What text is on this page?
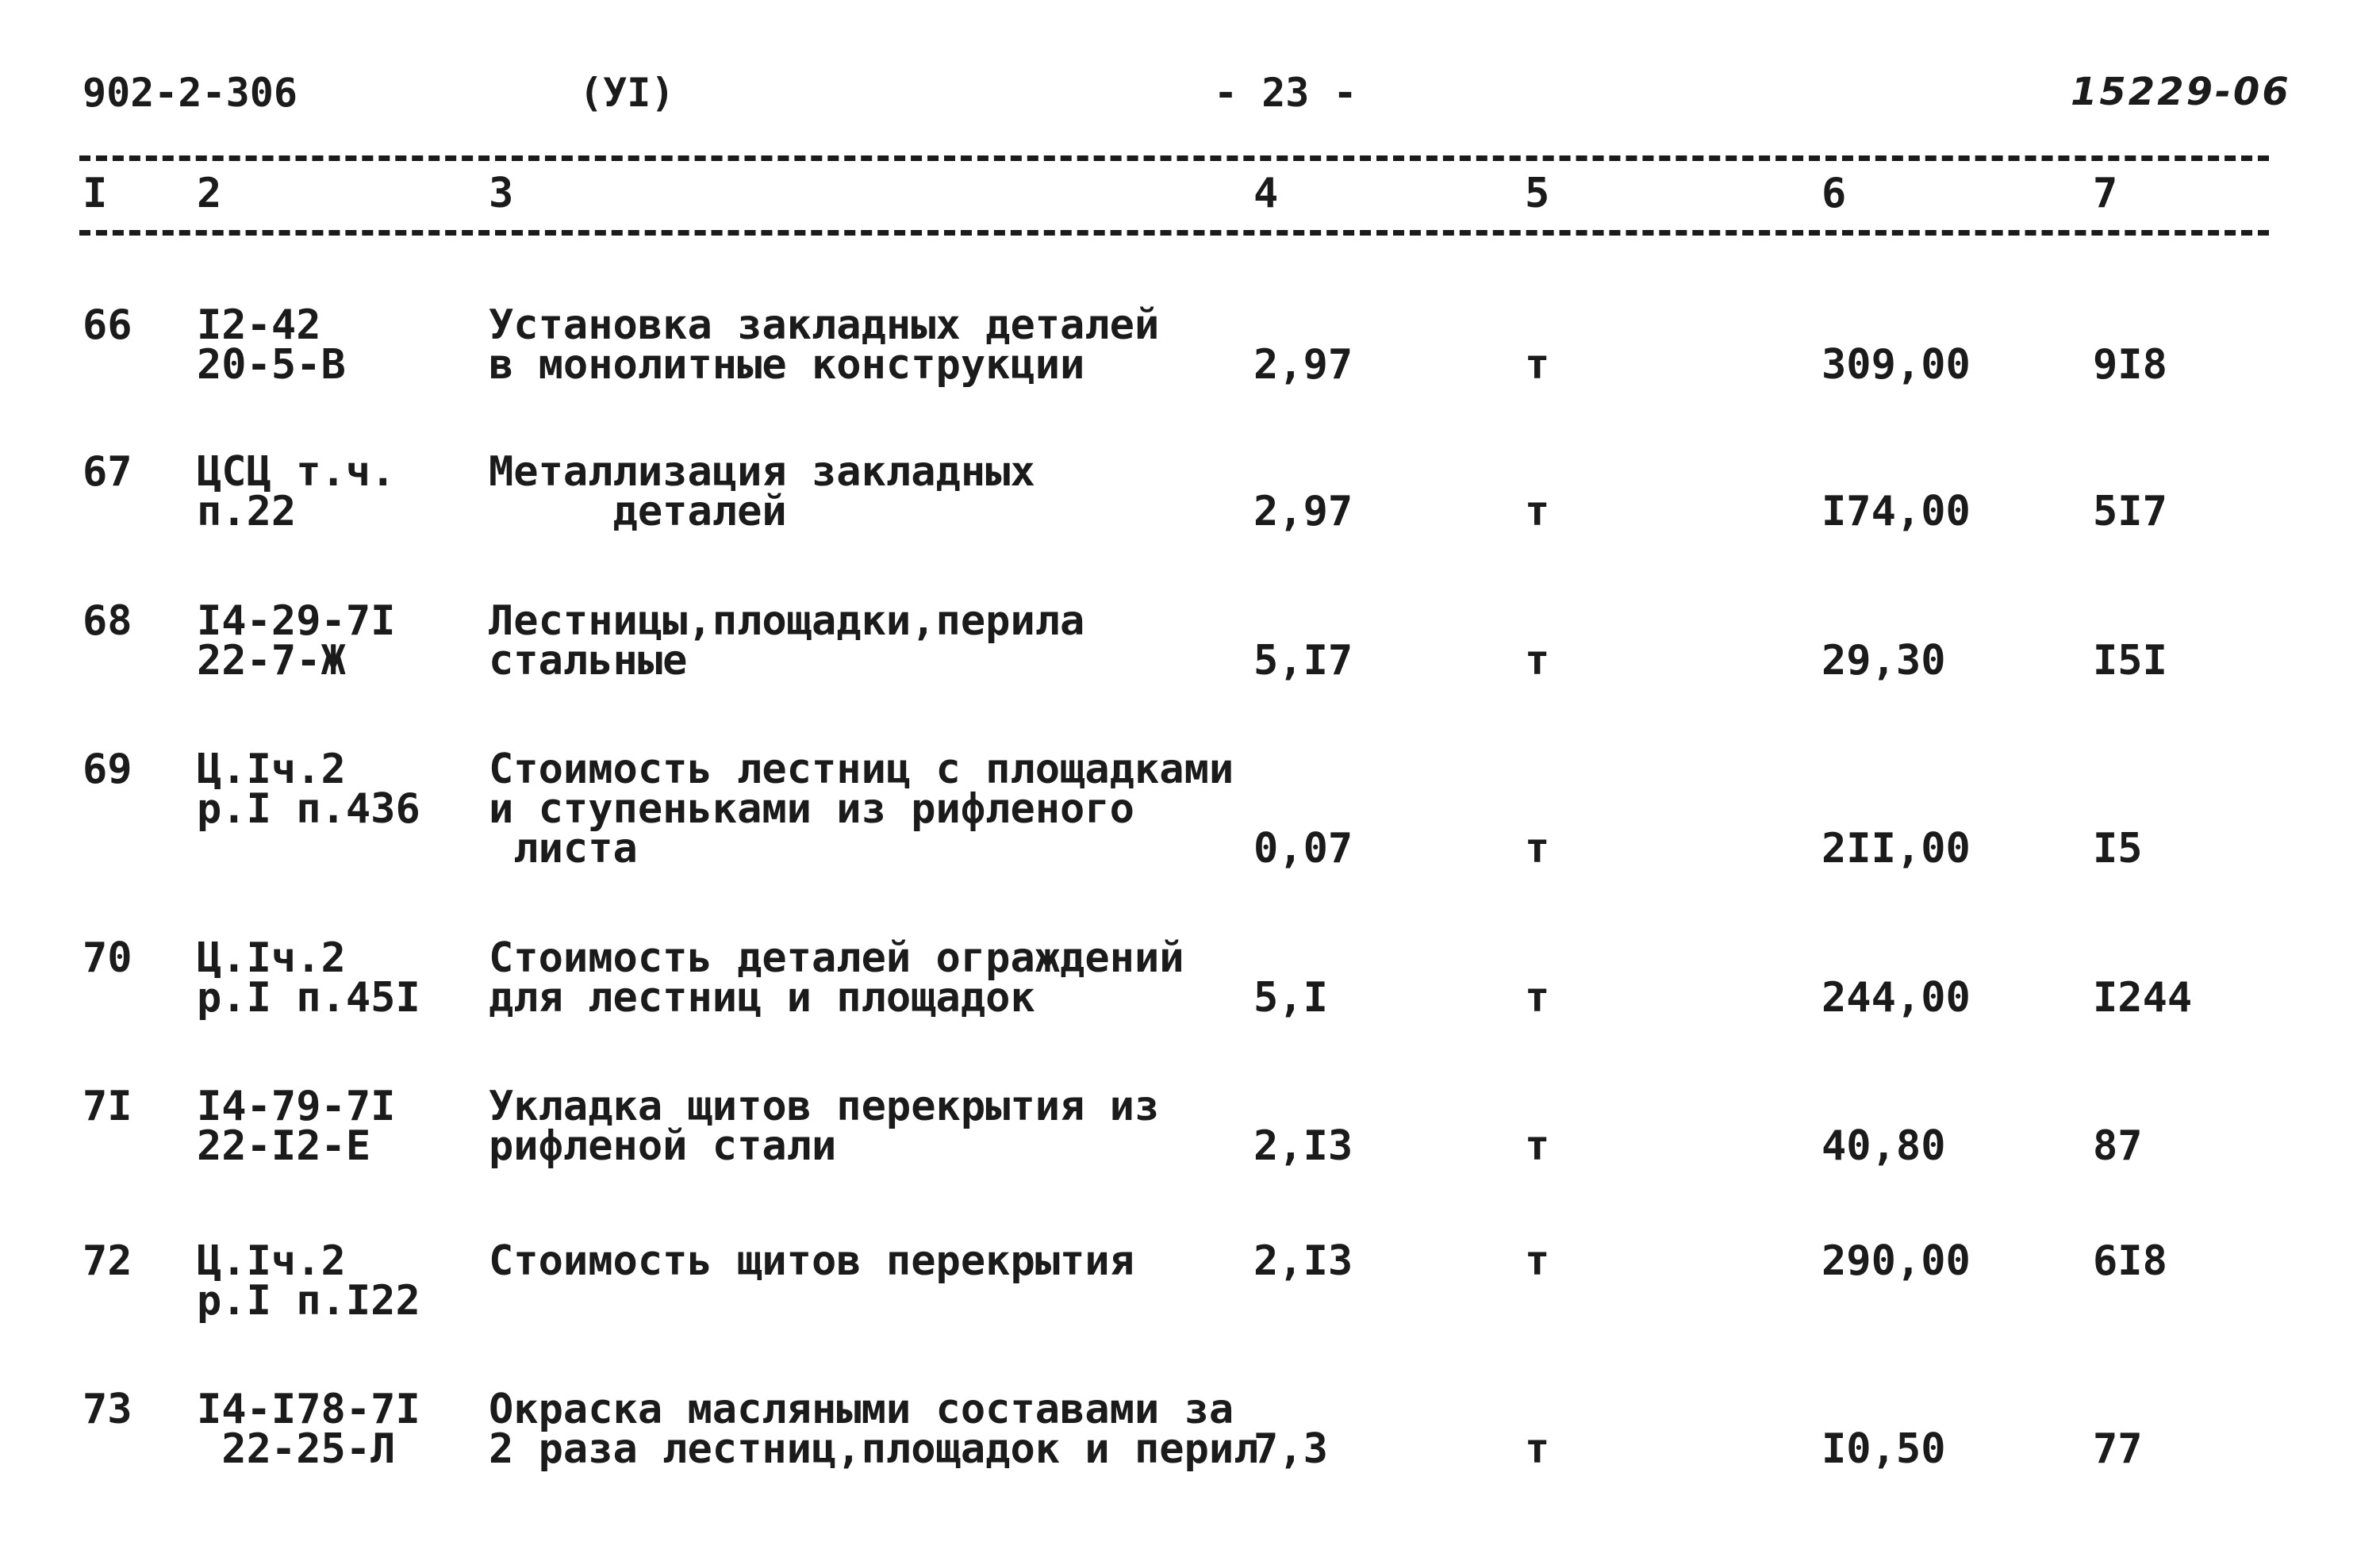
902-2-306	(УI)	- 23 -	15229-06
I 2	3	4	5	6	7
66 I2-42
20-5-В
Установка закладных деталей
в монолитные конструкции	2,97	т	309,00	9I8
67 ЦСЦ т.ч.
п.22
Металлизация закладных
деталей	2,97	т	I74,00	5I7
68 I4-29-7I
22-7-Ж
Лестницы,площадки,перила
стальные	5,I7	т	29,30	I5I
69 Ц.Iч.2
р.I п.436
Стоимость лестниц с площадками
и ступеньками из рифленого
листа	0,07	т	2II,00	I5
70 Ц.Iч.2
р.I п.45I
Стоимость деталей ограждений
для лестниц и площадок	5,I	т	244,00	I244
7I I4-79-7I
22-I2-Е
Укладка щитов перекрытия из
рифленой стали	2,I3	т	40,80	87
72 Ц.Iч.2
р.I п.I22
Стоимость щитов перекрытия	2,I3	т	290,00	6I8
73 I4-I78-7I
22-25-Л
Окраска масляными составами за
2 раза лестниц,площадок и перил
7,3	т	I0,50	77
